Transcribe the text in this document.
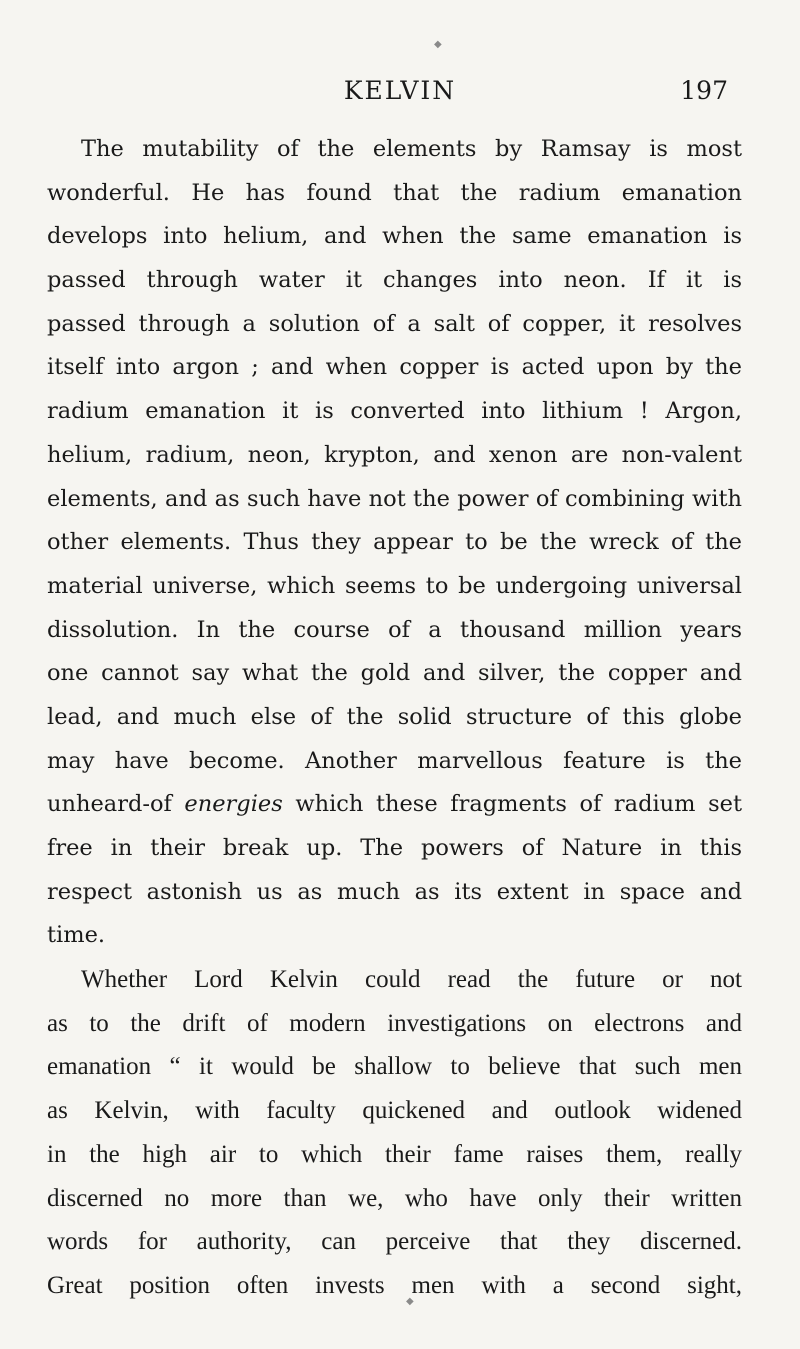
◆
KELVIN	197
The mutability of the elements by Ramsay is most
wonderful. He has found that the radium emanation
develops into helium, and when the same emanation is
passed through water it changes into neon. If it is
passed through a solution of a salt of copper, it resolves
itself into argon ; and when copper is acted upon by the
radium emanation it is converted into lithium ! Argon,
helium, radium, neon, krypton, and xenon are non-valent
elements, and as such have not the power of combining with
other elements. Thus they appear to be the wreck of the
material universe, which seems to be undergoing universal
dissolution. In the course of a thousand million years
one cannot say what the gold and silver, the copper and
lead, and much else of the solid structure of this globe
may have become. Another marvellous feature is the
unheard-of energies which these fragments of radium set
free in their break up. The powers of Nature in this
respect astonish us as much as its extent in space and
time.
Whether Lord Kelvin could read the future or not
as to the drift of modern investigations on electrons and
emanation “ it would be shallow to believe that such men
as Kelvin, with faculty quickened and outlook widened
in the high air to which their fame raises them, really
discerned no more than we, who have only their written
words for authority, can perceive that they discerned.
Great position often invests men with a second sight,
◆
